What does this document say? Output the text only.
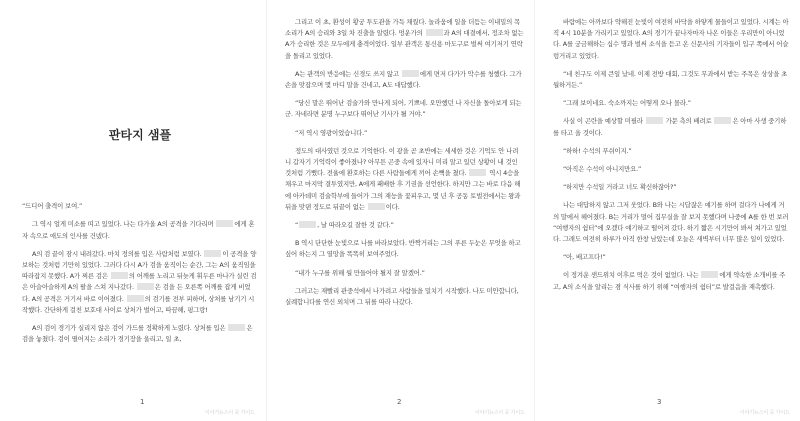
판타지 샘플

“드디어 출격이 보여.”

그 역시 얼게 미소를 띠고 있었다. 나는 다가올 A의 공격을 기다리며	에게 혼자 속으로 애도의 인사를 건넸다.

A의 검 끝이 잠시 내려갔다. 마치 정의를 입은 사람처럼 보였다.	이 공격을 양보하는 것처럼 기만히 있었다. 그러다 다시 A가 검을 움직이는 순간, 그는 A의 움직임을 따라잡지 못했다. A가 찌른 검은	의 어깨를 노리고 뒤늦게 휘두른 마나가 실린 검은 아슬아슬하게 A의 팔을 스쳐 지나갔다.	은 검을 든 오른쪽 어깨를 잡게 비었다. A의 공격은 거기서 바로 이어졌다.	의 검기를 전부 피하며, 상처를 남기기 시작했다. 간단하게 걸친 보호대 사이로 상처가 벌어고, 따끔해, 핑그랑!

A의 검이 경기가 실리지 않은 검이 가드를 정확하게 노렸다. 상처를 입은	은 검을 놓쳤다. 검이 떨어지는 소리가 경기장을 울리고, 일 초,

1
이야기뉴스이 곳 가이드

그리고 이 초, 환성이 황궁 투도관을 가득 채웠다. 놀라움에 일을 더듬는 이내밀의 목소리가 A의 승리와 3일 차 진출을 알렸다. 멍운가의	과 A의 대결에서, 정조차 없는 A가 승리한 것은 모두에게 충격이었다. 일부 관객은 통신용 마도구로 벌써 여기저기 연락을 돌리고 있었다.

A는 관객의 반응에는 신경도 쓰지 않고	에게 면저 다가가 악수를 청했다. 그가 손을 맞잡으며 몇 마디 말을 건네고, A도 대답했다.

“당신 말은 뛰어난 검술가와 만나게 되어, 기쁘네. 오만했던 나 자신을 돌아보게 되는군. 자네라면 분명 누구보다 뛰어난 기사가 될 거야.”

“저 역시 영광이었습니다.”

정도의 대사였던 것으로 기억한다. 이 광을 곧 초반에는 세세한 것은 기억도 안 나려니 갑자기 기억력이 좋아졌나? 아무튼 곤중 속에 있자니 미리 알고 있던 상황이 내 것인 것처럼 기뻤다. 전율에 환호하는 다른 사람들에게 끼어 손뼉을 쳤다.	역시 4승을 채우고 마지막 결투였지만, A에게 패배한 후 기권을 선언한다. 하지만 그는 바로 다음 해에 아카데미 검술학부에 들어가 그의 재능을 꽃피우고, 몇 년 후 공동 토벌전에서는 왕과 뒤을 맞댄 정도로 뒤끝이 없는	이다.

“	, 날 따라오길 잘한 것 같다.”

B 역시 단단한 눈빛으로 나를 바라보았다. 반짝거리는 그의 푸른 두눈은 무엇을 하고 싶어 하는지 그 열망을 똑똑히 보여주었다.

“내가 누구를 위해 월 만들어야 될지 잘 알겠어.”

그러고는 재빨리 관중석에서 나가려고 사람들을 밀치기 시작했다. 나도 미안합니다, 실례합니다를 연신 외치며 그 뒤를 따라 나갔다.

2
이야기뉴스이 곳 가이드

바람에는 아까보다 약해진 눈빛이 여전히 바닥을 하얗게 물들이고 있었다. 시계는 아직 4시 10분을 가리키고 있었다. A의 경기가 끝나자마자 나온 이들은 우리만이 아니었다. A를 궁금해하는 십수 명과 벌써 소식을 듣고 온 신문사의 기자들이 입구 쪽에서 어슬렁거리고 있었다.

“네 친구도 이제 큰일 났네. 이제 전방 대회, 그것도 무과에서 받는 주목은 상상을 초월하거든.”

“그래 보이네요. 숙소까지는 어떻게 오나 몰라.”

사실 이 곤란을 예상할 미필라	가문 측의 배려로	은 아마 사생 중기하를 타고 올 것이다.

“하하! 수석의 푸쉬이지.”

“아직은 수석이 아니지만요.”

“하지만 수석일 거라고 너도 확신하잖아?”

나는 대답하지 않고 그저 웃었다. B와 나는 시답잖은 얘기를 하며 걸다가 나에게 거의 말에서 헤어졌다. B는 거리가 멀어 집무실을 잘 보지 못했다며 나중에 A를 한 번 보러 “여행자의 쉼터”에 오겠다 얘기하고 떨어져 갔다. 하기 짧은 시기만이 봐서 쳐가고 있었다. 그래도 여전히 하루가 아직 한창 남았는데 오늘은 새벽부터 너무 많은 일이 있었다.

“아, 배고프다!”

이 정겨운 샌드위치 이후로 먹은 것이 없었다. 나는	에게 약속한 소개비를 주고, A의 소식을 알리는 겸 식사를 하기 위해 “여행자의 쉼터”로 발걸음을 재촉했다.

3
이야기뉴스이 곳 가이드
